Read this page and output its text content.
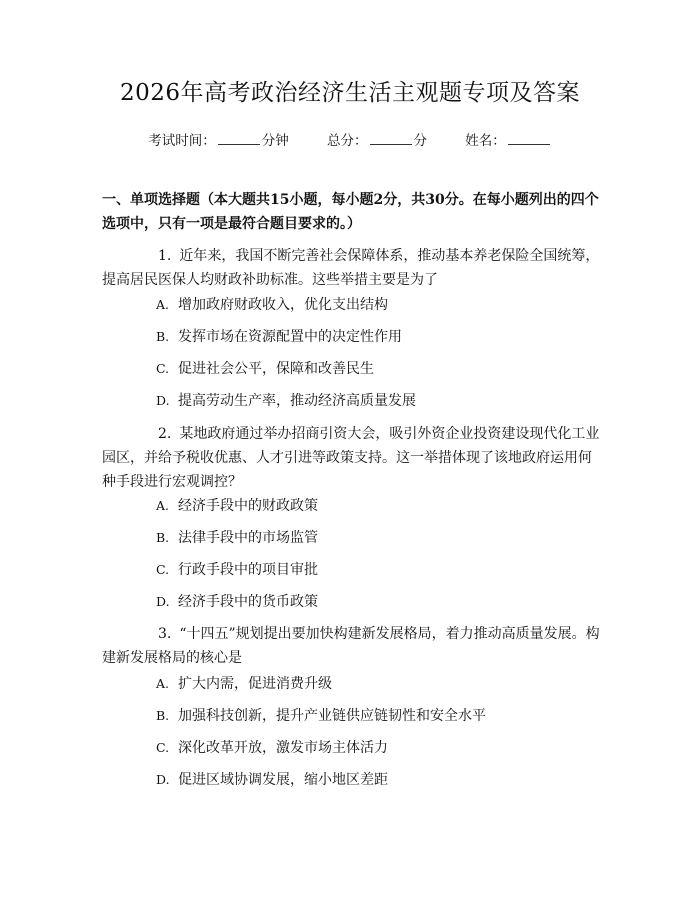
2026年高考政治经济生活主观题专项及答案
考试时间：	分钟	总分：	分	姓名：
一、单项选择题（本大题共15小题，每小题2分，共30分。在每小题列出的四个选项中，只有一项是最符合题目要求的。）
1. 近年来，我国不断完善社会保障体系，推动基本养老保险全国统筹，提高居民医保人均财政补助标准。这些举措主要是为了
A. 增加政府财政收入，优化支出结构
B. 发挥市场在资源配置中的决定性作用
C. 促进社会公平，保障和改善民生
D. 提高劳动生产率，推动经济高质量发展
2. 某地政府通过举办招商引资大会，吸引外资企业投资建设现代化工业园区，并给予税收优惠、人才引进等政策支持。这一举措体现了该地政府运用何种手段进行宏观调控？
A. 经济手段中的财政政策
B. 法律手段中的市场监管
C. 行政手段中的项目审批
D. 经济手段中的货币政策
3. “十四五”规划提出要加快构建新发展格局，着力推动高质量发展。构建新发展格局的核心是
A. 扩大内需，促进消费升级
B. 加强科技创新，提升产业链供应链韧性和安全水平
C. 深化改革开放，激发市场主体活力
D. 促进区域协调发展，缩小地区差距
